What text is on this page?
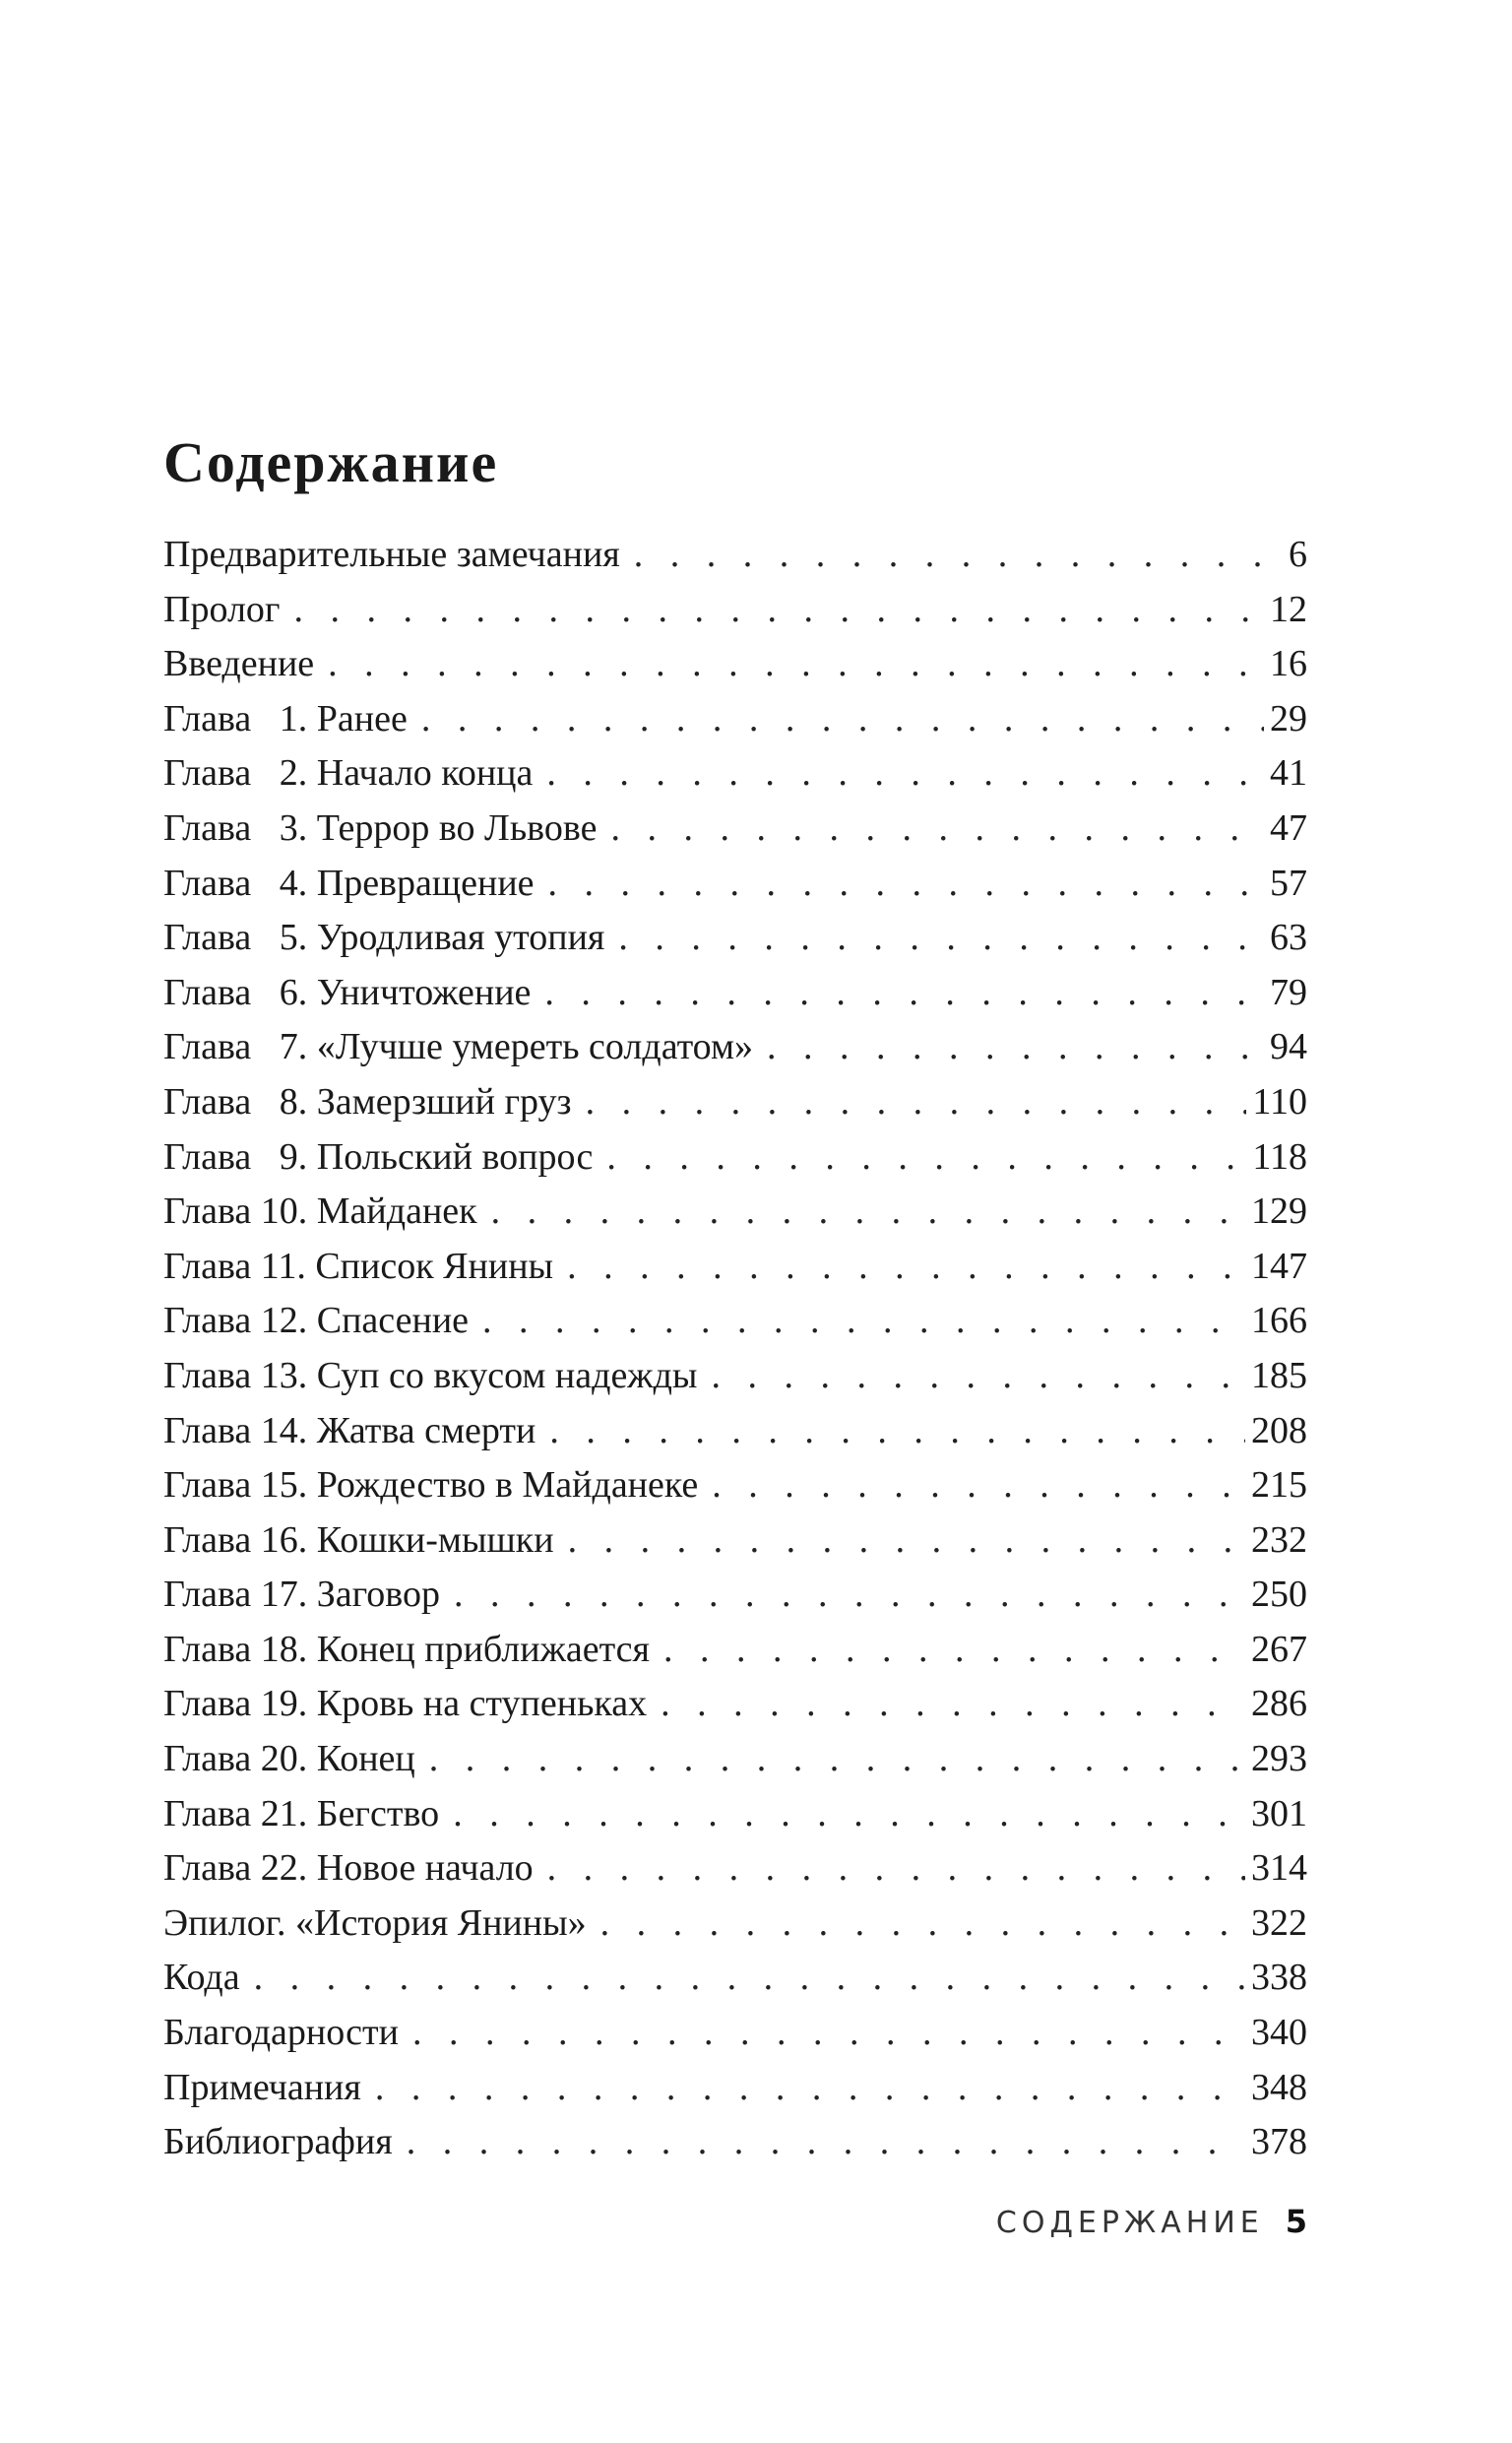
Содержание
Предварительные замечания . . .	6
Пролог . . .	12
Введение . . .	16
Глава   1. Ранее . . .	29
Глава   2. Начало конца . . .	41
Глава   3. Террор во Львове . . .	47
Глава   4. Превращение . . .	57
Глава   5. Уродливая утопия . . .	63
Глава   6. Уничтожение . . .	79
Глава   7. «Лучше умереть солдатом» . . .	94
Глава   8. Замерзший груз . . .	110
Глава   9. Польский вопрос . . .	118
Глава 10. Майданек . . .	129
Глава 11. Список Янины . . .	147
Глава 12. Спасение . . .	166
Глава 13. Суп со вкусом надежды . . .	185
Глава 14. Жатва смерти . . .	208
Глава 15. Рождество в Майданеке . . .	215
Глава 16. Кошки-мышки . . .	232
Глава 17. Заговор . . .	250
Глава 18. Конец приближается . . .	267
Глава 19. Кровь на ступеньках . . .	286
Глава 20. Конец . . .	293
Глава 21. Бегство . . .	301
Глава 22. Новое начало . . .	314
Эпилог. «История Янины» . . .	322
Кода . . .	338
Благодарности . . .	340
Примечания . . .	348
Библиография . . .	378
СОДЕРЖАНИЕ 5
